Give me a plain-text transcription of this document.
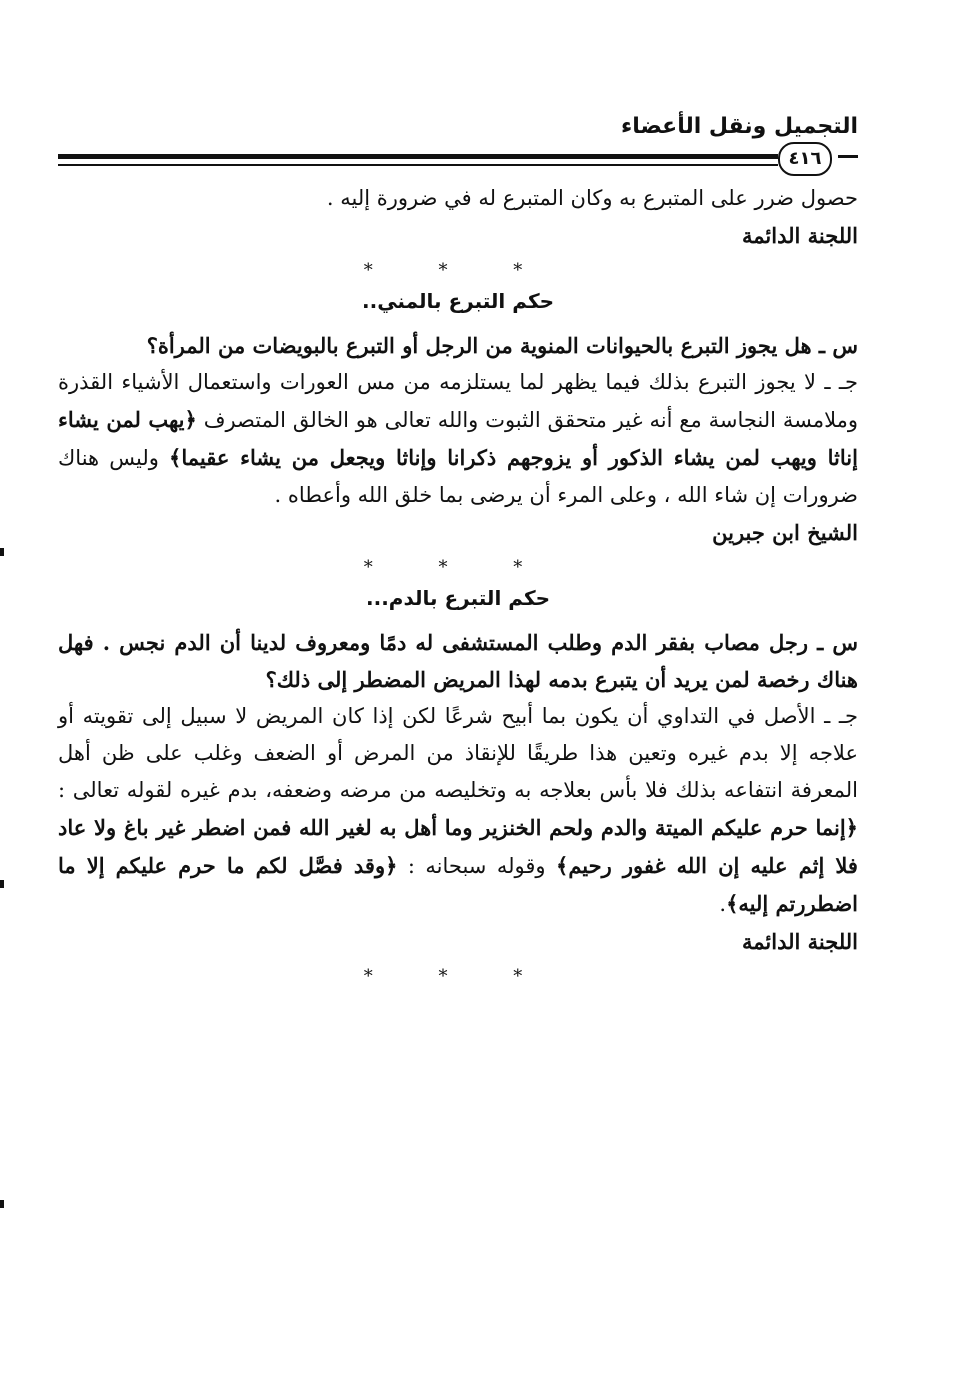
التجميل ونقل الأعضاء
٤١٦

حصول ضرر على المتبرع به وكان المتبرع له في ضرورة إليه .

اللجنة الدائمة
* * *
حكم التبرع بالمني..

س ـ هل يجوز التبرع بالحيوانات المنوية من الرجل أو التبرع بالبويضات من المرأة؟

جـ ـ لا يجوز التبرع بذلك فيما يظهر لما يستلزمه من مس العورات واستعمال الأشياء القذرة وملامسة النجاسة مع أنه غير متحقق الثبوت والله تعالى هو الخالق المتصرف ﴿يهب لمن يشاء إناثا ويهب لمن يشاء الذكور أو يزوجهم ذكرانا وإناثا ويجعل من يشاء عقيما﴾ وليس هناك ضرورات إن شاء الله ، وعلى المرء أن يرضى بما خلق الله وأعطاه .

الشيخ ابن جبرين
* * *
حكم التبرع بالدم...

س ـ رجل مصاب بفقر الدم وطلب المستشفى له دمًا ومعروف لدينا أن الدم نجس . فهل هناك رخصة لمن يريد أن يتبرع بدمه لهذا المريض المضطر إلى ذلك؟

جـ ـ الأصل في التداوي أن يكون بما أبيح شرعًا لكن إذا كان المريض لا سبيل إلى تقويته أو علاجه إلا بدم غيره وتعين هذا طريقًا للإنقاذ من المرض أو الضعف وغلب على ظن أهل المعرفة انتفاعه بذلك فلا بأس بعلاجه به وتخليصه من مرضه وضعفه، بدم غيره لقوله تعالى : ﴿إنما حرم عليكم الميتة والدم ولحم الخنزير وما أهل به لغير الله فمن اضطر غير باغ ولا عاد فلا إثم عليه إن الله غفور رحيم﴾ وقوله سبحانه : ﴿وقد فصَّل لكم ما حرم عليكم إلا ما اضطررتم إليه﴾.

اللجنة الدائمة
* * *
